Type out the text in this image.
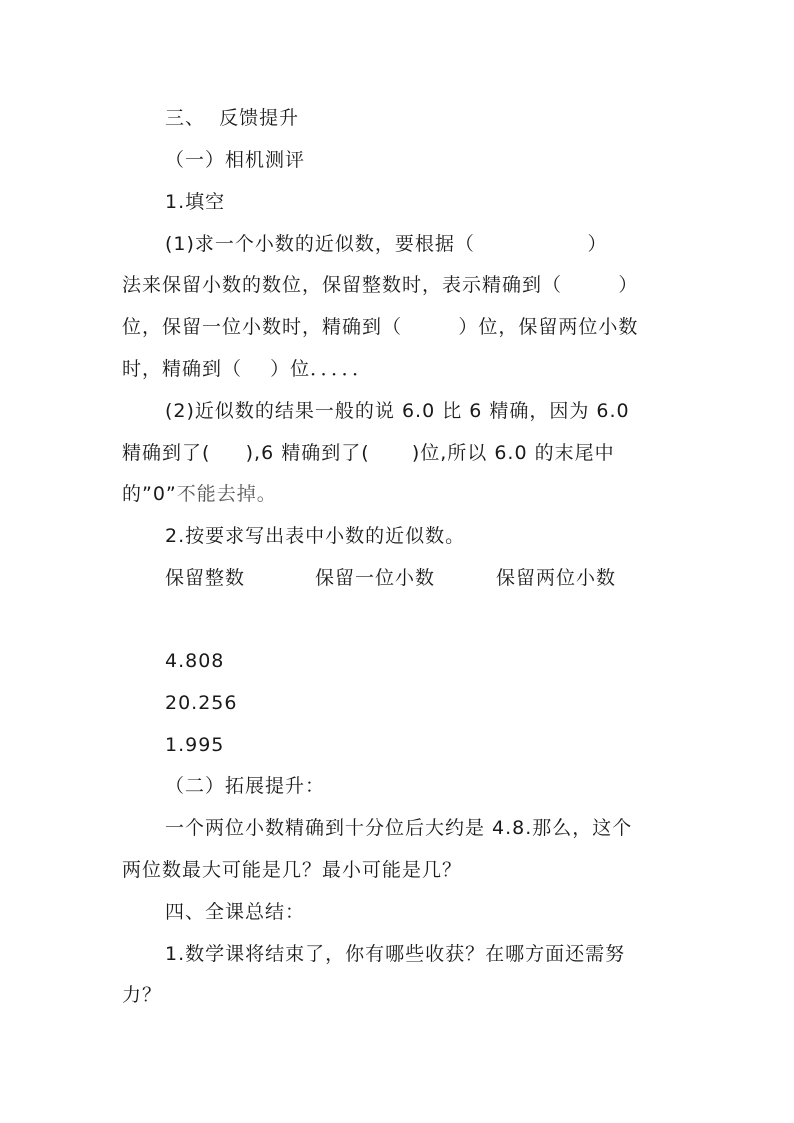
三、  反馈提升
（一）相机测评
1.填空
(1)求一个小数的近似数，要根据（                ）
法来保留小数的数位，保留整数时，表示精确到（        ）
位，保留一位小数时，精确到（        ）位，保留两位小数
时，精确到（    ）位．．．．．
(2)近似数的结果一般的说 6.0 比 6 精确，因为 6.0
精确到了(     ),6 精确到了(      )位,所以 6.0 的末尾中
的”0”不能去掉。
2.按要求写出表中小数的近似数。
保留整数	保留一位小数	保留两位小数
4.808
20.256
1.995
（二）拓展提升：
一个两位小数精确到十分位后大约是 4.8.那么，这个
两位数最大可能是几？最小可能是几？
四、全课总结：
1.数学课将结束了，你有哪些收获？在哪方面还需努
力？
